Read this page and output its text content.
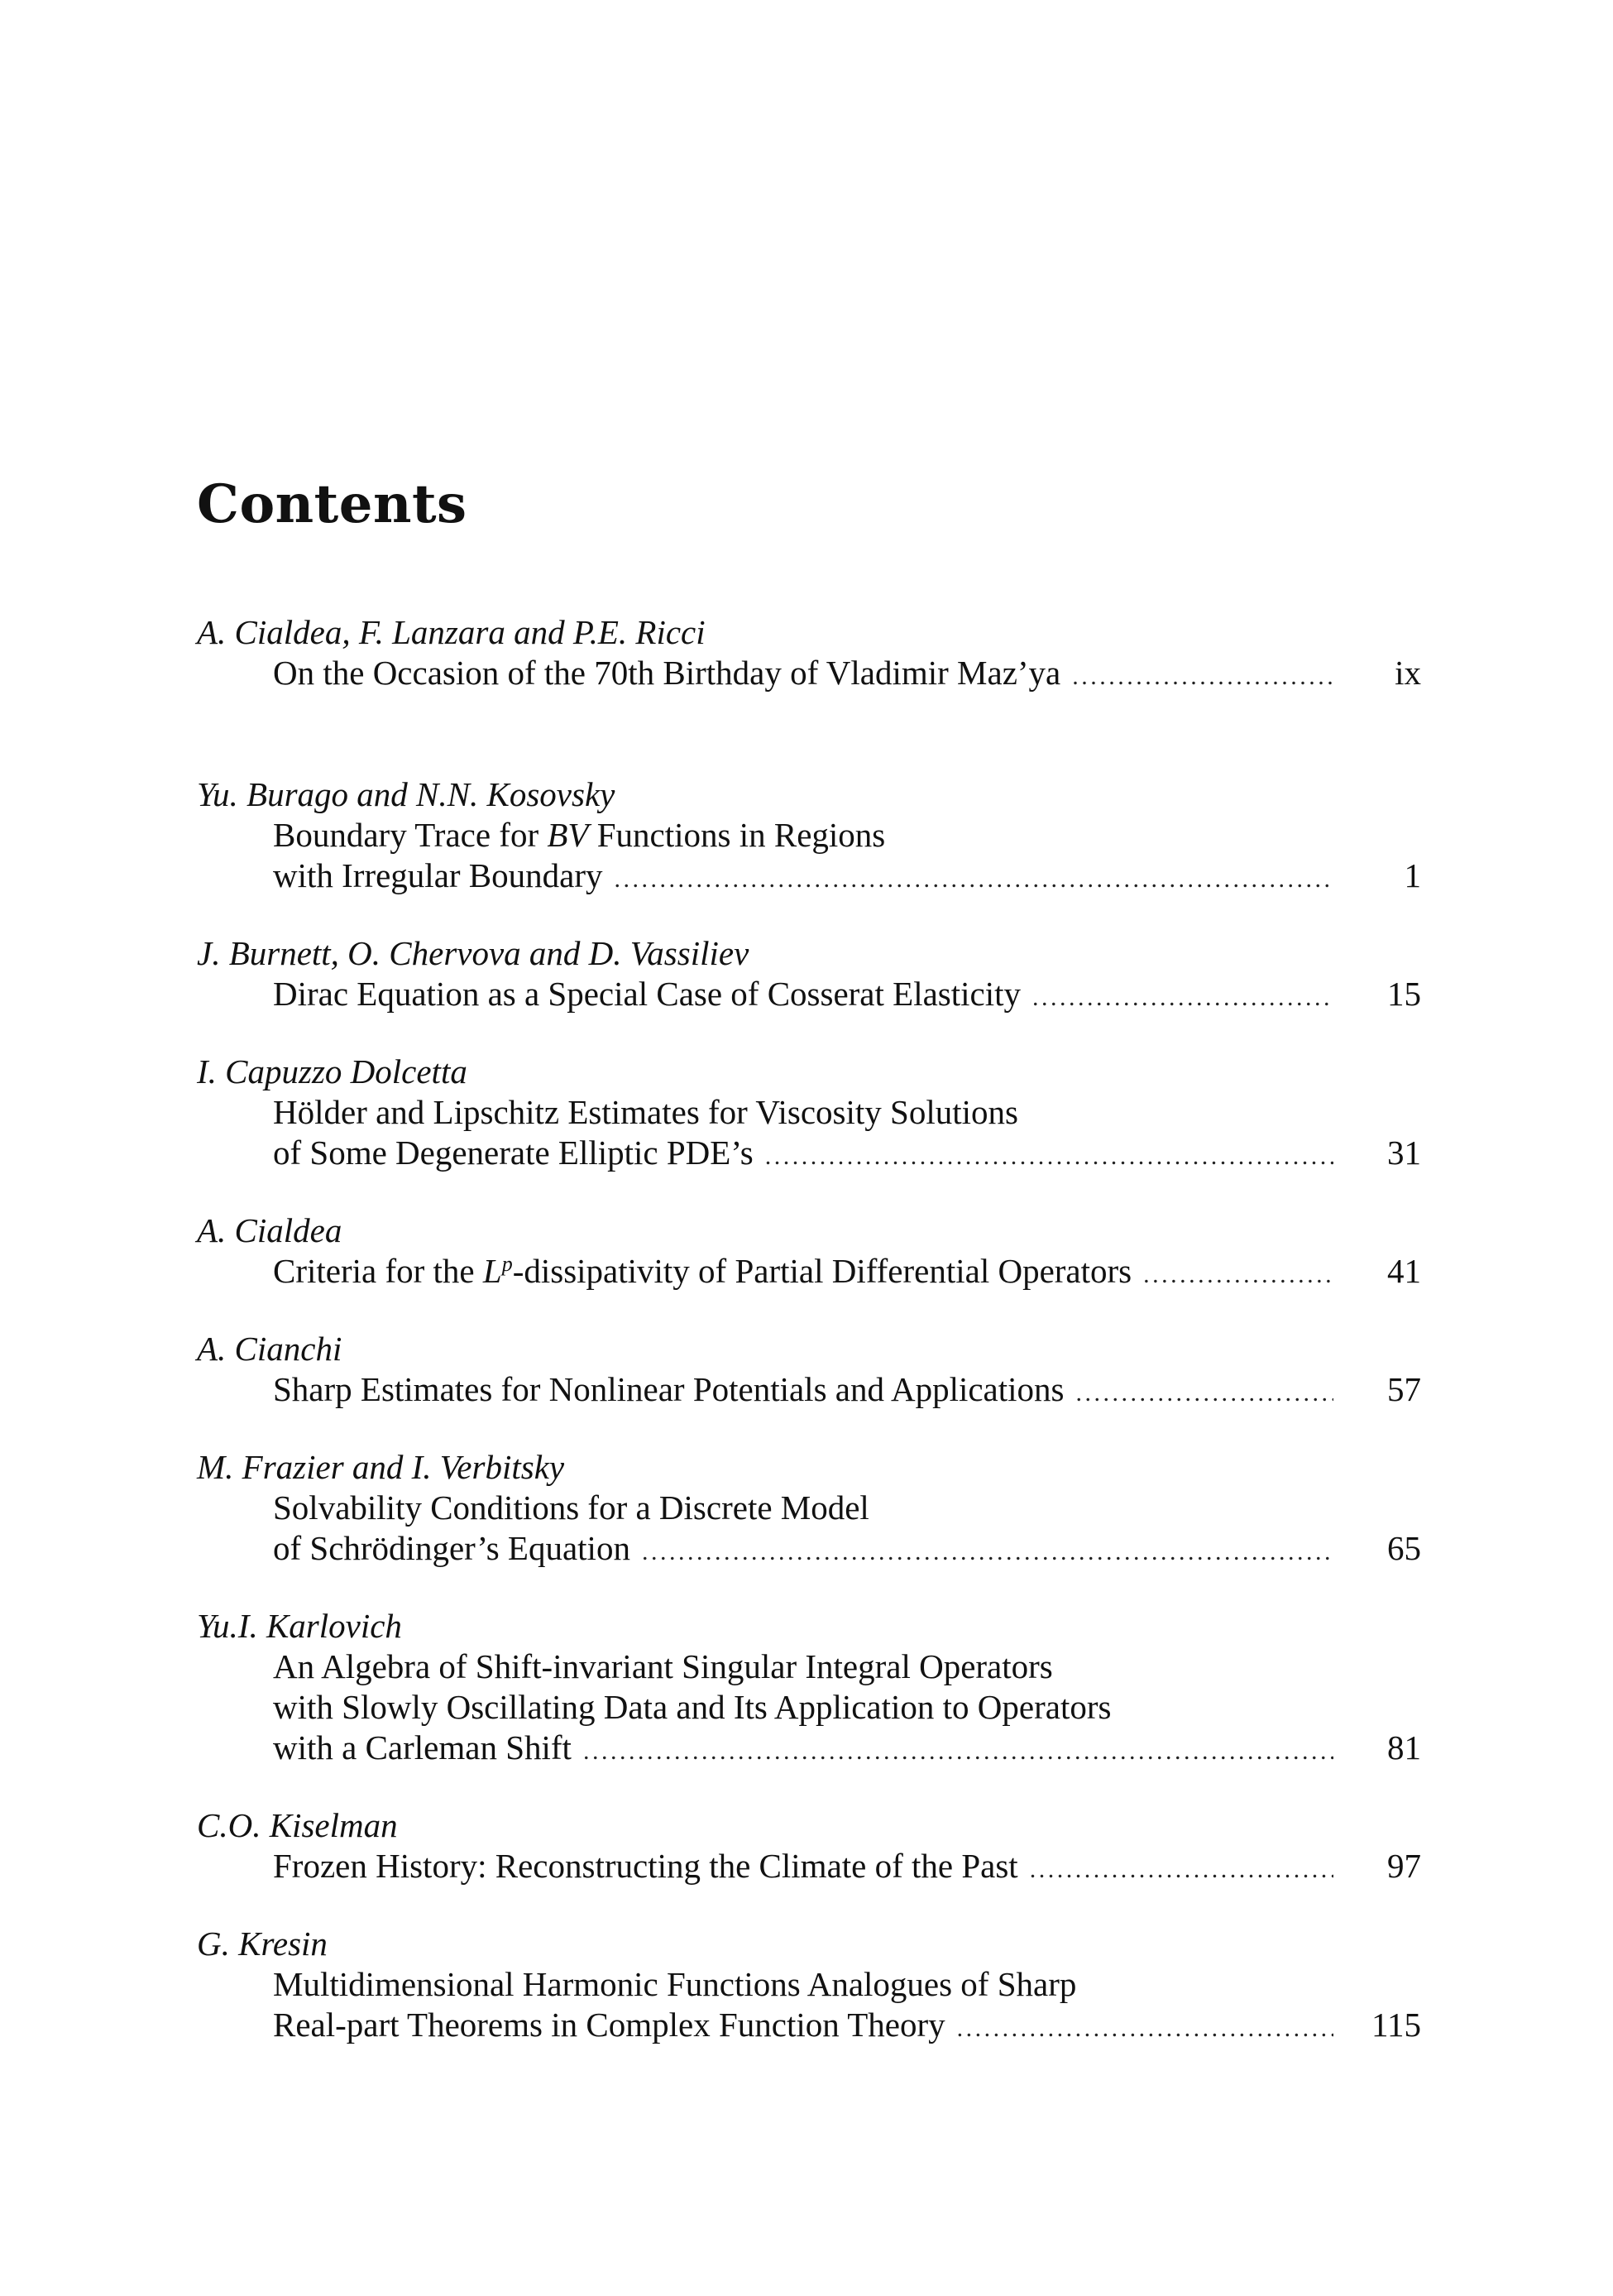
Contents
A. Cialdea, F. Lanzara and P.E. Ricci
On the Occasion of the 70th Birthday of Vladimir Maz’ya . . .	ix
Yu. Burago and N.N. Kosovsky
Boundary Trace for BV Functions in Regions
with Irregular Boundary . . .	1
J. Burnett, O. Chervova and D. Vassiliev
Dirac Equation as a Special Case of Cosserat Elasticity . . .	15
I. Capuzzo Dolcetta
Hölder and Lipschitz Estimates for Viscosity Solutions
of Some Degenerate Elliptic PDE’s . . .	31
A. Cialdea
Criteria for the $L^p$-dissipativity of Partial Differential Operators . . .	41
A. Cianchi
Sharp Estimates for Nonlinear Potentials and Applications . . .	57
M. Frazier and I. Verbitsky
Solvability Conditions for a Discrete Model
of Schrödinger’s Equation . . .	65
Yu.I. Karlovich
An Algebra of Shift-invariant Singular Integral Operators
with Slowly Oscillating Data and Its Application to Operators
with a Carleman Shift . . .	81
C.O. Kiselman
Frozen History: Reconstructing the Climate of the Past . . .	97
G. Kresin
Multidimensional Harmonic Functions Analogues of Sharp
Real-part Theorems in Complex Function Theory . . .	115
